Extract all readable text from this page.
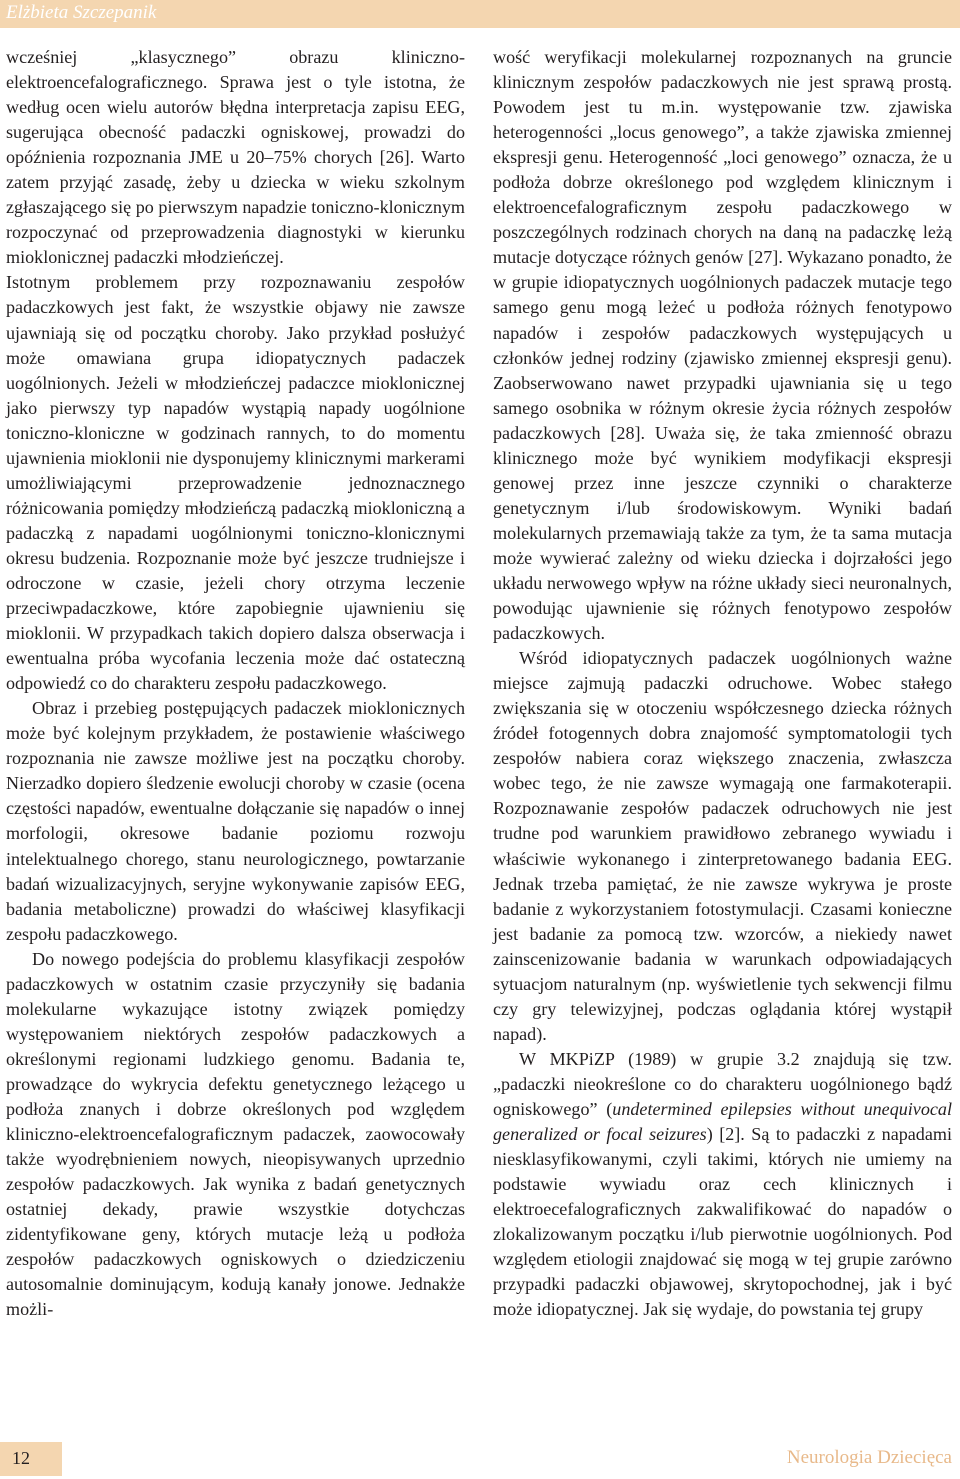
Elżbieta Szczepanik

wcześniej „klasycznego” obrazu kliniczno-elektroencefalograficznego. Sprawa jest o tyle istotna, że według ocen wielu autorów błędna interpretacja zapisu EEG, sugerująca obecność padaczki ogniskowej, prowadzi do opóźnienia rozpoznania JME u 20–75% chorych [26]. Warto zatem przyjąć zasadę, żeby u dziecka w wieku szkolnym zgłaszającego się po pierwszym napadzie toniczno-klonicznym rozpoczynać od przeprowadzenia diagnostyki w kierunku mioklonicznej padaczki młodzieńczej.

Istotnym problemem przy rozpoznawaniu zespołów padaczkowych jest fakt, że wszystkie objawy nie zawsze ujawniają się od początku choroby. Jako przykład posłużyć może omawiana grupa idiopatycznych padaczek uogólnionych. Jeżeli w młodzieńczej padaczce mioklonicznej jako pierwszy typ napadów wystąpią napady uogólnione toniczno-kloniczne w godzinach rannych, to do momentu ujawnienia mioklonii nie dysponujemy klinicznymi markerami umożliwiającymi przeprowadzenie jednoznacznego różnicowania pomiędzy młodzieńczą padaczką miokloniczną a padaczką z napadami uogólnionymi toniczno-klonicznymi okresu budzenia. Rozpoznanie może być jeszcze trudniejsze i odroczone w czasie, jeżeli chory otrzyma leczenie przeciwpadaczkowe, które zapobiegnie ujawnieniu się mioklonii. W przypadkach takich dopiero dalsza obserwacja i ewentualna próba wycofania leczenia może dać ostateczną odpowiedź co do charakteru zespołu padaczkowego.

Obraz i przebieg postępujących padaczek mioklonicznych może być kolejnym przykładem, że postawienie właściwego rozpoznania nie zawsze możliwe jest na początku choroby. Nierzadko dopiero śledzenie ewolucji choroby w czasie (ocena częstości napadów, ewentualne dołączanie się napadów o innej morfologii, okresowe badanie poziomu rozwoju intelektualnego chorego, stanu neurologicznego, powtarzanie badań wizualizacyjnych, seryjne wykonywanie zapisów EEG, badania metaboliczne) prowadzi do właściwej klasyfikacji zespołu padaczkowego.

Do nowego podejścia do problemu klasyfikacji zespołów padaczkowych w ostatnim czasie przyczyniły się badania molekularne wykazujące istotny związek pomiędzy występowaniem niektórych zespołów padaczkowych a określonymi regionami ludzkiego genomu. Badania te, prowadzące do wykrycia defektu genetycznego leżącego u podłoża znanych i dobrze określonych pod względem kliniczno-elektroencefalograficznym padaczek, zaowocowały także wyodrębnieniem nowych, nieopisywanych uprzednio zespołów padaczkowych. Jak wynika z badań genetycznych ostatniej dekady, prawie wszystkie dotychczas zidentyfikowane geny, których mutacje leżą u podłoża zespołów padaczkowych ogniskowych o dziedziczeniu autosomalnie dominującym, kodują kanały jonowe. Jednakże możli-

wość weryfikacji molekularnej rozpoznanych na gruncie klinicznym zespołów padaczkowych nie jest sprawą prostą. Powodem jest tu m.in. występowanie tzw. zjawiska heterogenności „locus genowego”, a także zjawiska zmiennej ekspresji genu. Heterogenność „loci genowego” oznacza, że u podłoża dobrze określonego pod względem klinicznym i elektroencefalograficznym zespołu padaczkowego w poszczególnych rodzinach chorych na daną na padaczkę leżą mutacje dotyczące różnych genów [27]. Wykazano ponadto, że w grupie idiopatycznych uogólnionych padaczek mutacje tego samego genu mogą leżeć u podłoża różnych fenotypowo napadów i zespołów padaczkowych występujących u członków jednej rodziny (zjawisko zmiennej ekspresji genu). Zaobserwowano nawet przypadki ujawniania się u tego samego osobnika w różnym okresie życia różnych zespołów padaczkowych [28]. Uważa się, że taka zmienność obrazu klinicznego może być wynikiem modyfikacji ekspresji genowej przez inne jeszcze czynniki o charakterze genetycznym i/lub środowiskowym. Wyniki badań molekularnych przemawiają także za tym, że ta sama mutacja może wywierać zależny od wieku dziecka i dojrzałości jego układu nerwowego wpływ na różne układy sieci neuronalnych, powodując ujawnienie się różnych fenotypowo zespołów padaczkowych.

Wśród idiopatycznych padaczek uogólnionych ważne miejsce zajmują padaczki odruchowe. Wobec stałego zwiększania się w otoczeniu współczesnego dziecka różnych źródeł fotogennych dobra znajomość symptomatologii tych zespołów nabiera coraz większego znaczenia, zwłaszcza wobec tego, że nie zawsze wymagają one farmakoterapii. Rozpoznawanie zespołów padaczek odruchowych nie jest trudne pod warunkiem prawidłowo zebranego wywiadu i właściwie wykonanego i zinterpretowanego badania EEG. Jednak trzeba pamiętać, że nie zawsze wykrywa je proste badanie z wykorzystaniem fotostymulacji. Czasami konieczne jest badanie za pomocą tzw. wzorców, a niekiedy nawet zainscenizowanie badania w warunkach odpowiadających sytuacjom naturalnym (np. wyświetlenie tych sekwencji filmu czy gry telewizyjnej, podczas oglądania której wystąpił napad).

W MKPiZP (1989) w grupie 3.2 znajdują się tzw. „padaczki nieokreślone co do charakteru uogólnionego bądź ogniskowego” (undetermined epilepsies without unequivocal generalized or focal seizures) [2]. Są to padaczki z napadami niesklasyfikowanymi, czyli takimi, których nie umiemy na podstawie wywiadu oraz cech klinicznych i elektroecefalograficznych zakwalifikować do napadów o zlokalizowanym początku i/lub pierwotnie uogólnionych. Pod względem etiologii znajdować się mogą w tej grupie zarówno przypadki padaczki objawowej, skrytopochodnej, jak i być może idiopatycznej. Jak się wydaje, do powstania tej grupy

12	Neurologia Dziecięca
